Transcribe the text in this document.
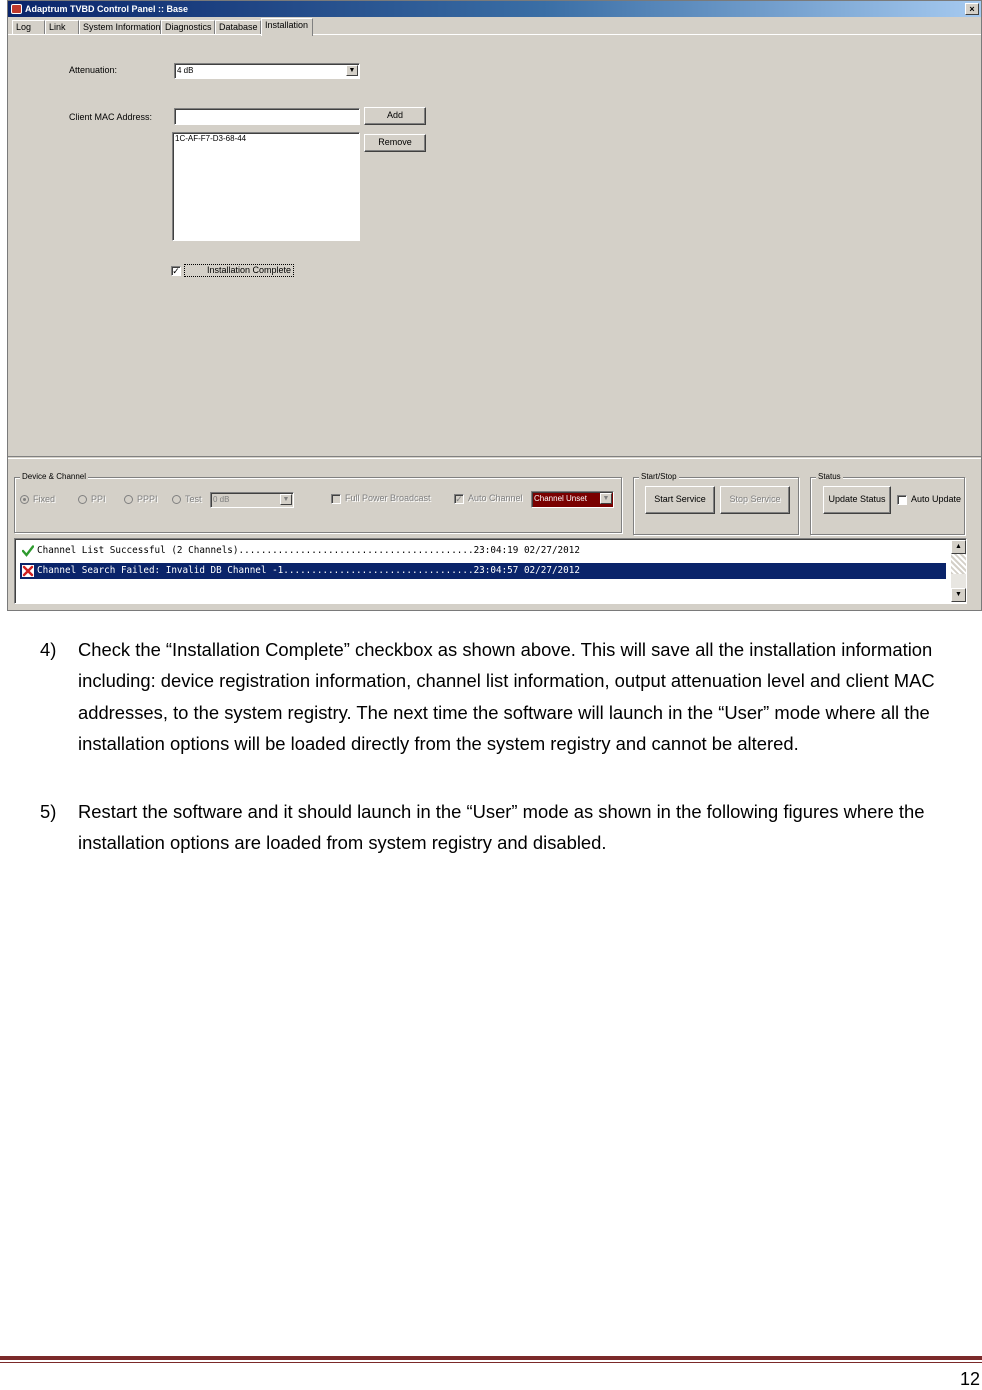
Adaptrum TVBD Control Panel :: Base	×
Log	Link	System Information Diagnostics Database Installation
Attenuation:	4 dB	▼
Client MAC Address:	Add
Remove
1C-AF-F7-D3-68-44
✓	Installation Complete
Device & Channel
Fixed	PPI	PPPI	Test	0 dB	▼	Full Power Broadcast	✓ Auto Channel	Channel Unset	▼
Start/Stop
Start Service	Stop Service
Status
Update Status	Auto Update
Channel List Successful (2 Channels)..........................................23:04:19 02/27/2012
Channel Search Failed: Invalid DB Channel -1..................................23:04:57 02/27/2012
▲
▼
4) Check the “Installation Complete” checkbox as shown above. This will save all the installation information including: device registration information, channel list information, output attenuation level and client MAC addresses, to the system registry. The next time the software will launch in the “User” mode where all the installation options will be loaded directly from the system registry and cannot be altered.
5) Restart the software and it should launch in the “User” mode as shown in the following figures where the installation options are loaded from system registry and disabled.
12
